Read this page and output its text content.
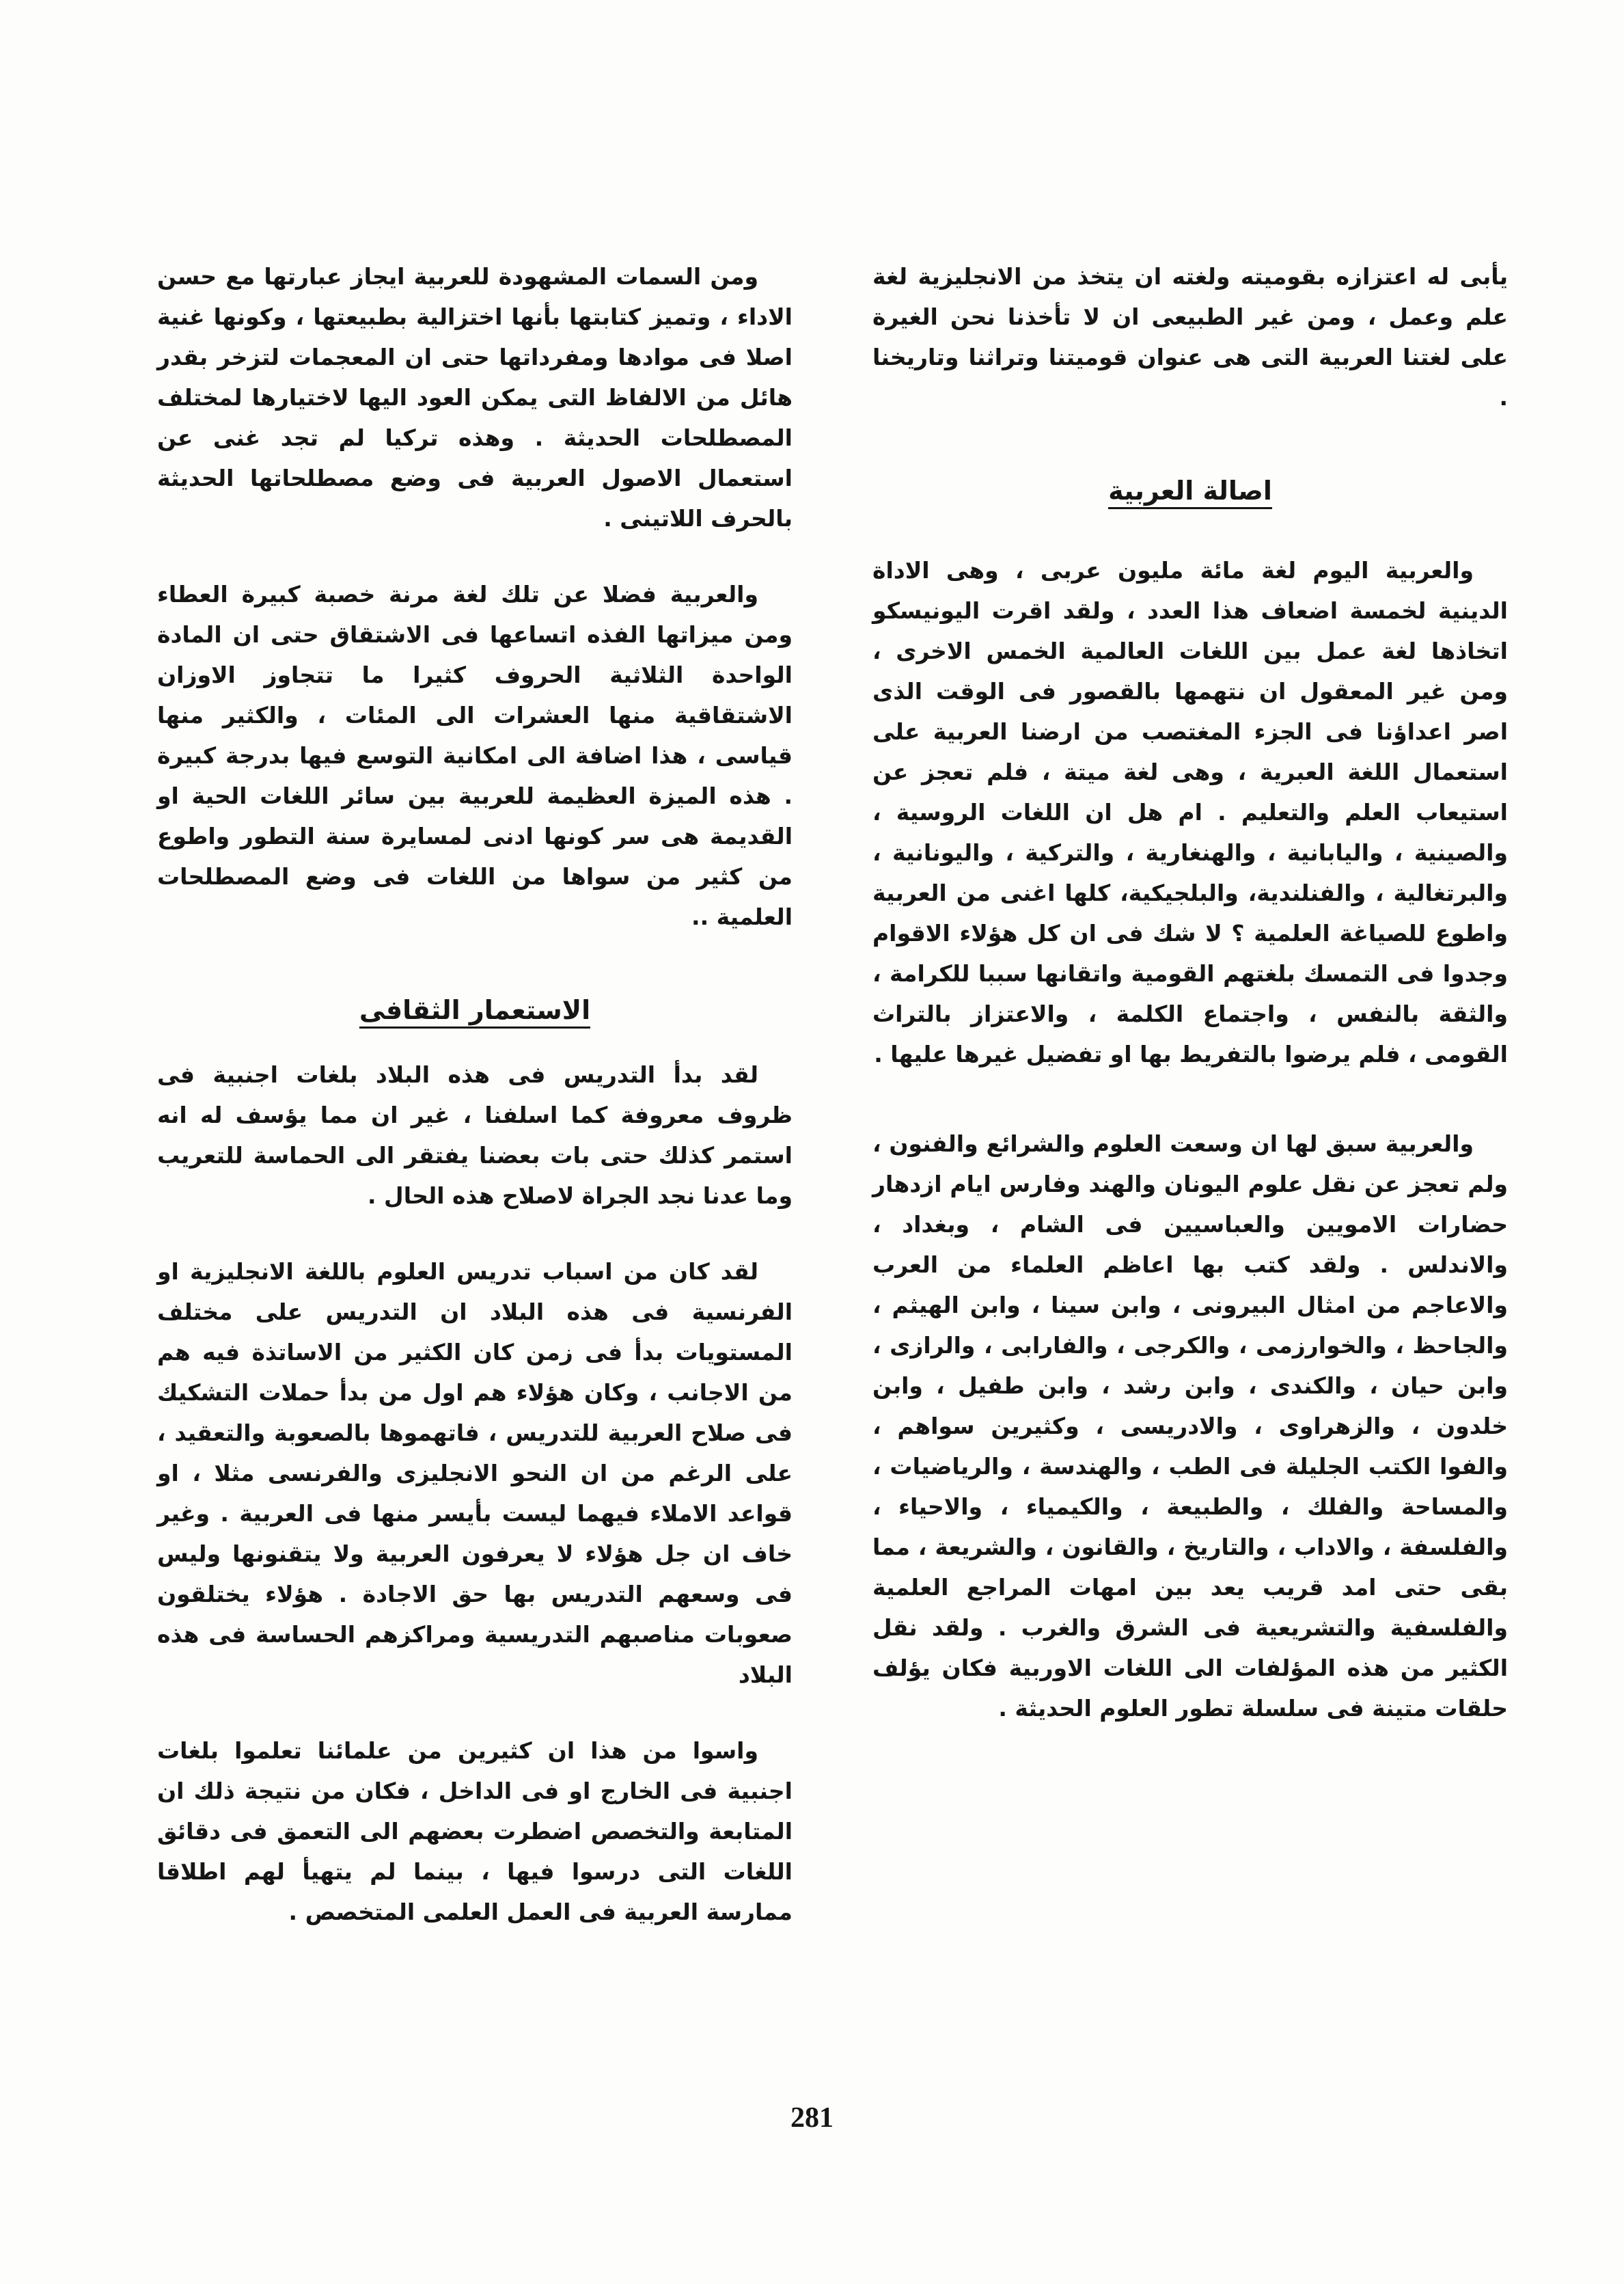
يأبى له اعتزازه بقوميته ولغته ان يتخذ من الانجليزية لغة علم وعمل ، ومن غير الطبيعى ان لا تأخذنا نحن الغيرة على لغتنا العربية التى هى عنوان قوميتنا وتراثنا وتاريخنا .

اصالة العربية

والعربية اليوم لغة مائة مليون عربى ، وهى الاداة الدينية لخمسة اضعاف هذا العدد ، ولقد اقرت اليونيسكو اتخاذها لغة عمل بين اللغات العالمية الخمس الاخرى ، ومن غير المعقول ان نتهمها بالقصور فى الوقت الذى اصر اعداؤنا فى الجزء المغتصب من ارضنا العربية على استعمال اللغة العبرية ، وهى لغة ميتة ، فلم تعجز عن استيعاب العلم والتعليم . ام هل ان اللغات الروسية ، والصينية ، واليابانية ، والهنغارية ، والتركية ، واليونانية ، والبرتغالية ، والفنلندية، والبلجيكية، كلها اغنى من العربية واطوع للصياغة العلمية ؟ لا شك فى ان كل هؤلاء الاقوام وجدوا فى التمسك بلغتهم القومية واتقانها سببا للكرامة ، والثقة بالنفس ، واجتماع الكلمة ، والاعتزاز بالتراث القومى ، فلم يرضوا بالتفريط بها او تفضيل غيرها عليها .

والعربية سبق لها ان وسعت العلوم والشرائع والفنون ، ولم تعجز عن نقل علوم اليونان والهند وفارس ايام ازدهار حضارات الامويين والعباسيين فى الشام ، وبغداد ، والاندلس . ولقد كتب بها اعاظم العلماء من العرب والاعاجم من امثال البيرونى ، وابن سينا ، وابن الهيثم ، والجاحظ ، والخوارزمى ، والكرجى ، والفارابى ، والرازى ، وابن حيان ، والكندى ، وابن رشد ، وابن طفيل ، وابن خلدون ، والزهراوى ، والادريسى ، وكثيرين سواهم ، والفوا الكتب الجليلة فى الطب ، والهندسة ، والرياضيات ، والمساحة والفلك ، والطبيعة ، والكيمياء ، والاحياء ، والفلسفة ، والاداب ، والتاريخ ، والقانون ، والشريعة ، مما بقى حتى امد قريب يعد بين امهات المراجع العلمية والفلسفية والتشريعية فى الشرق والغرب . ولقد نقل الكثير من هذه المؤلفات الى اللغات الاوربية فكان يؤلف حلقات متينة فى سلسلة تطور العلوم الحديثة .

ومن السمات المشهودة للعربية ايجاز عبارتها مع حسن الاداء ، وتميز كتابتها بأنها اختزالية بطبيعتها ، وكونها غنية اصلا فى موادها ومفرداتها حتى ان المعجمات لتزخر بقدر هائل من الالفاظ التى يمكن العود اليها لاختيارها لمختلف المصطلحات الحديثة . وهذه تركيا لم تجد غنى عن استعمال الاصول العربية فى وضع مصطلحاتها الحديثة بالحرف اللاتينى .

والعربية فضلا عن تلك لغة مرنة خصبة كبيرة العطاء ومن ميزاتها الفذه اتساعها فى الاشتقاق حتى ان المادة الواحدة الثلاثية الحروف كثيرا ما تتجاوز الاوزان الاشتقاقية منها العشرات الى المئات ، والكثير منها قياسى ، هذا اضافة الى امكانية التوسع فيها بدرجة كبيرة . هذه الميزة العظيمة للعربية بين سائر اللغات الحية او القديمة هى سر كونها ادنى لمسايرة سنة التطور واطوع من كثير من سواها من اللغات فى وضع المصطلحات العلمية ..

الاستعمار الثقافى

لقد بدأ التدريس فى هذه البلاد بلغات اجنبية فى ظروف معروفة كما اسلفنا ، غير ان مما يؤسف له انه استمر كذلك حتى بات بعضنا يفتقر الى الحماسة للتعريب وما عدنا نجد الجراة لاصلاح هذه الحال .

لقد كان من اسباب تدريس العلوم باللغة الانجليزية او الفرنسية فى هذه البلاد ان التدريس على مختلف المستويات بدأ فى زمن كان الكثير من الاساتذة فيه هم من الاجانب ، وكان هؤلاء هم اول من بدأ حملات التشكيك فى صلاح العربية للتدريس ، فاتهموها بالصعوبة والتعقيد ، على الرغم من ان النحو الانجليزى والفرنسى مثلا ، او قواعد الاملاء فيهما ليست بأيسر منها فى العربية . وغير خاف ان جل هؤلاء لا يعرفون العربية ولا يتقنونها وليس فى وسعهم التدريس بها حق الاجادة . هؤلاء يختلقون صعوبات مناصبهم التدريسية ومراكزهم الحساسة فى هذه البلاد

واسوا من هذا ان كثيرين من علمائنا تعلموا بلغات اجنبية فى الخارج او فى الداخل ، فكان من نتيجة ذلك ان المتابعة والتخصص اضطرت بعضهم الى التعمق فى دقائق اللغات التى درسوا فيها ، بينما لم يتهيأ لهم اطلاقا ممارسة العربية فى العمل العلمى المتخصص .

281
